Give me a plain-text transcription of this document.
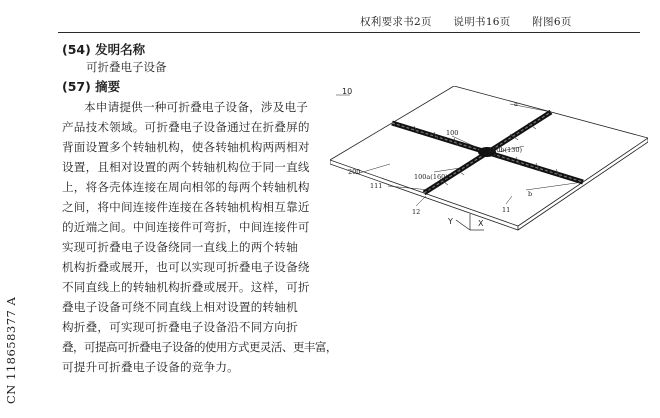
权利要求书2页 说明书16页 附图6页
(54) 发明名称
可折叠电子设备
(57) 摘要
本申请提供一种可折叠电子设备，涉及电子
产品技术领域。可折叠电子设备通过在折叠屏的
背面设置多个转轴机构，使各转轴机构两两相对
设置，且相对设置的两个转轴机构位于同一直线
上，将各壳体连接在周向相邻的每两个转轴机构
之间，将中间连接件连接在各转轴机构相互靠近
的近端之间。中间连接件可弯折，中间连接件可
实现可折叠电子设备绕同一直线上的两个转轴
机构折叠或展开，也可以实现可折叠电子设备绕
不同直线上的转轴机构折叠或展开。这样，可折
叠电子设备可绕不同直线上相对设置的转轴机
构折叠，可实现可折叠电子设备沿不同方向折
叠，可提高可折叠电子设备的使用方式更灵活、更丰富，
可提升可折叠电子设备的竞争力。
CN 118658377 A
10
a
b
100
100b(130)
100a(160)
200
111
12	11
Y	X
